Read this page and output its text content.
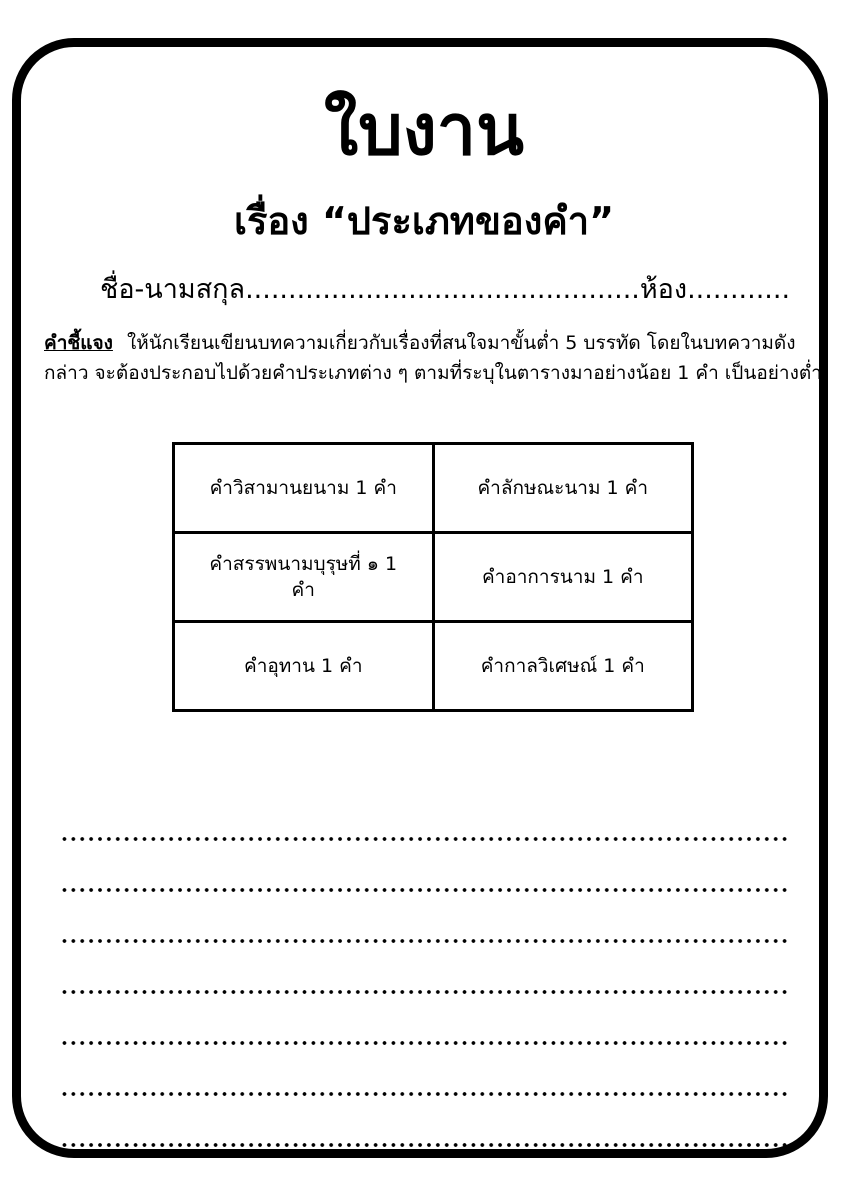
ใบงาน
เรื่อง “ประเภทของคำ”
ชื่อ-นามสกุล..............................................ห้อง............
คำชี้แจง ให้นักเรียนเขียนบทความเกี่ยวกับเรื่องที่สนใจมาขั้นต่ำ 5 บรรทัด โดยในบทความดังกล่าว จะต้องประกอบไปด้วยคำประเภทต่าง ๆ ตามที่ระบุในตารางมาอย่างน้อย 1 คำ เป็นอย่างต่ำ
คำวิสามานยนาม 1 คำ	คำลักษณะนาม 1 คำ
คำสรรพนามบุรุษที่ ๑ 1 คำ	คำอาการนาม 1 คำ
คำอุทาน 1 คำ	คำกาลวิเศษณ์ 1 คำ
